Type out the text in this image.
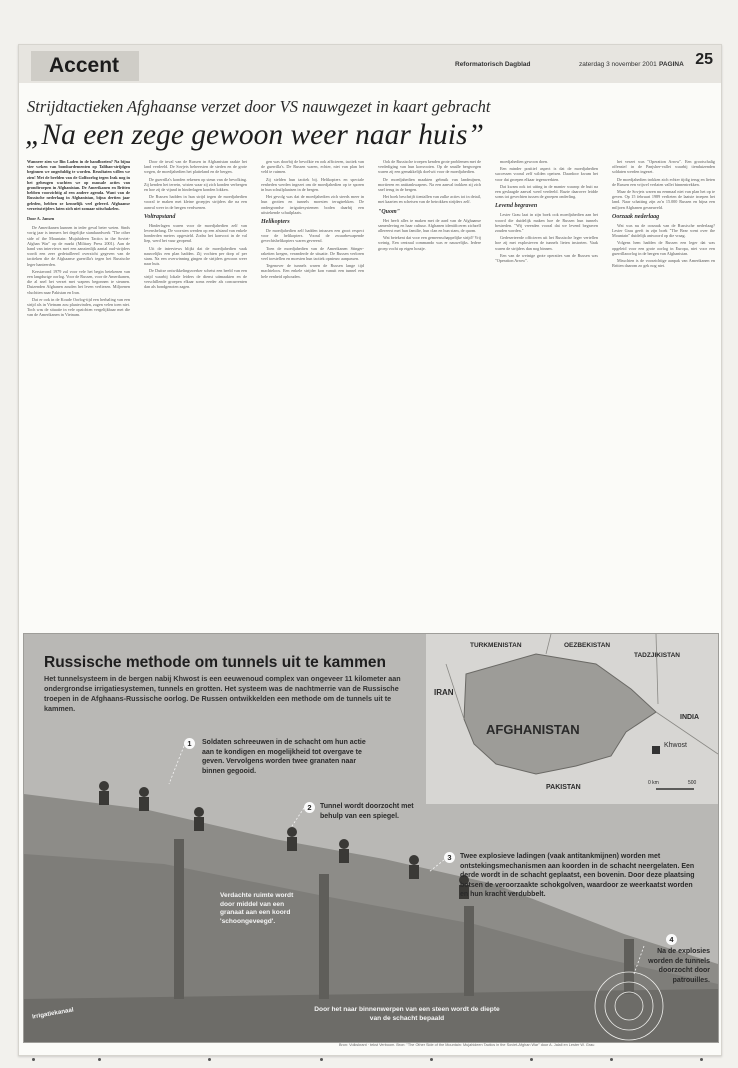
Accent	Reformatorisch Dagblad	zaterdag 3 november 2001 PAGINA 25
Strijdtactieken Afghaanse verzet door VS nauwgezet in kaart gebracht
„Na een zege gewoon weer naar huis”
Wanneer zien we Bin Laden in de handboeien? Na bijna vier weken van bombardementen op Taliban-strijdgen beginnen we ongeduldig te worden. Resultaten willen we zien! Met de beelden van de Golfoorlog tegen Irak nog in het geheugen wachten we op massale acties van grondtroepen in Afghanistan. De Amerikanen en Britten hebben voorzichtig al een andere agenda. Want van de Russische nederlaag in Afghanistan, bijna dertien jaar geleden, hebben ze kennelijk veel geleerd. Afghaanse verzetsstrijders laten zich niet zomaar uitschakelen.
Door A. Jansen

De Amerikanen kunnen in ieder geval beter weten. Sinds vorig jaar is immers het degelijke standaardwerk "The other side of the Mountain: Mujahideen Tactics in the Soviet-Afghan War" op de markt (Military Press 2001). Aan de hand van interviews met een aanzienlijk aantal oud-strijders wordt een zeer gedetailleerd overzicht gegeven van de tactieken die de Afghaanse guerrilla's tegen het Russische leger hanteerden.

Kerstavond 1979 zal voor vele het begin betekenen van een langdurige oorlog. Voor de Russen, voor de Amerikanen, die al snel het verzet met wapens begonnen te steunen. Duizenden Afghanen zouden het leven verliezen. Miljoenen vluchtten naar Pakistan en Iran.

Dat er ook in de Koude Oorlog-tijd een herhaling van een strijd als in Vietnam zou plaatsvinden, zagen velen toen niet. Toch was de situatie in vele opzichten vergelijkbaar met die van de Amerikanen in Vietnam.

Door de inval van de Russen in Afghanistan raakte het land verdeeld. De Sovjets beheersten de steden en de grote wegen, de moedjahedien het platteland en de bergen.

De guerrilla's konden rekenen op steun van de bevolking. Zij kenden het terrein, wisten waar zij zich konden verbergen en hoe zij de vijand in hinderlagen konden lokken.

De Russen hadden in hun strijd tegen de moedjahedien vooral te maken met kleine groepjes strijders die na een aanval weer in de bergen verdwenen.

Voltrapstand

Hinderlagen waren voor de moedjahedien zelf van levensbelang. De voorsten werden op een afstand van enkele honderden meters opgesteld. Zodra het konvooi in de val liep, werd het vuur geopend.

Uit de interviews blijkt dat de moedjahedien vaak nauwelijks een plan hadden. Zij vochten per dorp of per stam. Na een overwinning gingen de strijders gewoon weer naar huis.

De Duitse ontwikkelingswerker schetst een beeld van een strijd waarbij lokale leiders de dienst uitmaakten en de verschillende groepen elkaar soms eerder als concurrenten dan als bondgenoten zagen.

gen was doorbij de bevolkte en ook afficieren, tactiek van de guerrilla's. De Russen waren, echter, niet van plan het veld te ruimen.

Zij stelden hun tactiek bij. Helikopters en speciale eenheden werden ingezet om de moedjahedien op te sporen in hun schuilplaatsen in de bergen.

Het gevolg was dat de moedjahedien zich steeds meer in hun grotten en tunnels moesten terugtrekken. De ondergrondse irrigatiesystemen boden daarbij een uitstekende schuilplaats.

Helikopters

De moedjahedien zelf hadden intussen een groot respect voor de helikopters. Vooral de zwaarbewapende gevechtshelikopters waren gevreesd.

Toen de moedjahedien van de Amerikanen Stinger-raketten kregen, veranderde de situatie. De Russen verloren veel toestellen en moesten hun tactiek opnieuw aanpassen.

Tegenover de tunnels waren de Russen lange tijd machteloos. Een enkele strijder kon vanuit een tunnel een hele eenheid ophouden.

Ook de Russische troepen kenden grote problemen met de verdediging van hun konvooien. Op de smalle bergwegen waren zij een gemakkelijk doelwit voor de moedjahedien.

De moedjahedien maakten gebruik van landmijnen, mortieren en antitankwapens. Na een aanval trokken zij zich snel terug in de bergen.

Het boek beschrijft tientallen van zulke acties tot in detail, met kaarten en schetsen van de betrokken strijders zelf.

"Quom"

Het heeft alles te maken met de aard van de Afghaanse samenleving en haar cultuur. Afghanen identificeren zichzelf allereerst met hun familie, hun clan en hun stam, de quom.

Wat betekent dat voor een gemeenschappelijke strijd? Vrij weinig. Een centraal commando was er nauwelijks. Iedere groep vocht op eigen houtje.

moedjahedien gewoon doen.

Een minder positief aspect is dat de moedjahedien successen vooral zelf wilden opeisen. Daardoor kwam het voor dat groepen elkaar tegenwerkten.

Dat kwam ook tot uiting in de manier waarop de buit na een geslaagde aanval werd verdeeld. Ruzie daarover leidde soms tot gevechten tussen de groepen onderling.

Levend begraven

Lester Grau laat in zijn boek ook moedjahedien aan het woord die duidelijk maken hoe de Russen hun tunnels bestreden. "Wij vreesden vooral dat we levend begraven zouden worden."

Gedeserteerde officieren uit het Russische leger vertellen hoe zij met explosieven de tunnels lieten instorten. Vaak waren de strijders dan nog binnen.

Een van de weinige grote operaties van de Russen was "Operation Arrow".

het verzet was "Operation Arrow". Een grootschalig offensief in de Panjsher-vallei waarbij tienduizenden soldaten werden ingezet.

De moedjahedien trokken zich echter tijdig terug en lieten de Russen een vrijwel verlaten vallei binnentrekken.

Maar de Sovjets waren nu eenmaal niet van plan het op te geven. Op 15 februari 1989 verlieten de laatste troepen het land. Naar schatting zijn zo'n 15.000 Russen en bijna een miljoen Afghanen gesneuveld.

Oorzaak nederlaag

Wat was nu de oorzaak van de Russische nederlaag? Lester Grau geeft in zijn boek "The Bear went over the Mountain" duidelijk antwoord op die vraag.

Volgens hem hadden de Russen een leger dat was opgeleid voor een grote oorlog in Europa, niet voor een guerrillaoorlog in de bergen van Afghanistan.

Misschien is de voorzichtige aanpak van Amerikanen en Britten daarom zo gek nog niet.

Russische methode om tunnels uit te kammen
Het tunnelsysteem in de bergen nabij Khwost is een eeuwenoud complex van ongeveer 11 kilometer aan ondergrondse irrigatiesystemen, tunnels en grotten. Het systeem was de nachtmerrie van de Russische troepen in de Afghaans-Russische oorlog. De Russen ontwikkelden een methode om de tunnels uit te kammen.
1	Soldaten schreeuwen in de schacht om hun actie aan te kondigen en mogelijkheid tot overgave te geven. Vervolgens worden twee granaten naar binnen gegooid.
2	Tunnel wordt doorzocht met behulp van een spiegel.
3	Twee explosieve ladingen (vaak antitankmijnen) worden met ontstekingsmechanismen aan koorden in de schacht neergelaten. Een derde wordt in de schacht geplaatst, een bovenin. Door deze plaatsing botsen de veroorzaakte schokgolven, waardoor ze weerkaatst worden en hun kracht verdubbelt.
4
Na de explosies worden de tunnels doorzocht door patrouilles.
Verdachte ruimte wordt door middel van een granaat aan een koord 'schoongeveegd'.
Door het naar binnenwerpen van een steen wordt de diepte van de schacht bepaald
Irrigatiekanaal
TURKMENISTAN	OEZBEKISTAN
TADZJIKISTAN
IRAN
AFGHANISTAN
Khwost
INDIA
PAKISTAN
0 km	500
Bron: Volkskrant · tekst Verboom. Bron: "The Other Side of the Mountain: Mujahideen Tactics in the Soviet-Afghan War" door A. Jalali en Lester W. Grau
